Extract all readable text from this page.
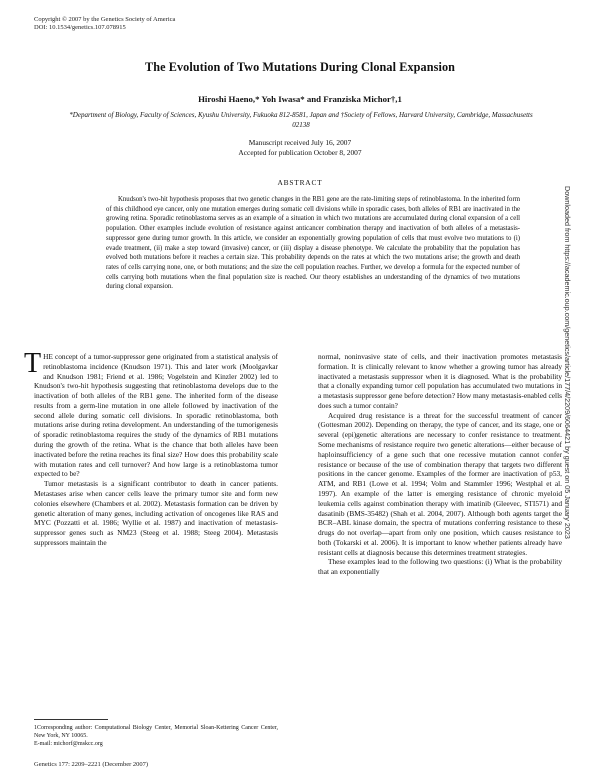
Copyright © 2007 by the Genetics Society of America
DOI: 10.1534/genetics.107.078915
The Evolution of Two Mutations During Clonal Expansion
Hiroshi Haeno,* Yoh Iwasa* and Franziska Michor†,1
*Department of Biology, Faculty of Sciences, Kyushu University, Fukuoka 812-8581, Japan and †Society of Fellows, Harvard University, Cambridge, Massachusetts 02138
Manuscript received July 16, 2007
Accepted for publication October 8, 2007
ABSTRACT
Knudson's two-hit hypothesis proposes that two genetic changes in the RB1 gene are the rate-limiting steps of retinoblastoma. In the inherited form of this childhood eye cancer, only one mutation emerges during somatic cell divisions while in sporadic cases, both alleles of RB1 are inactivated in the growing retina. Sporadic retinoblastoma serves as an example of a situation in which two mutations are accumulated during clonal expansion of a cell population. Other examples include evolution of resistance against anticancer combination therapy and inactivation of both alleles of a metastasis-suppressor gene during tumor growth. In this article, we consider an exponentially growing population of cells that must evolve two mutations to (i) evade treatment, (ii) make a step toward (invasive) cancer, or (iii) display a disease phenotype. We calculate the probability that the population has evolved both mutations before it reaches a certain size. This probability depends on the rates at which the two mutations arise; the growth and death rates of cells carrying none, one, or both mutations; and the size the cell population reaches. Further, we develop a formula for the expected number of cells carrying both mutations when the final population size is reached. Our theory establishes an understanding of the dynamics of two mutations during clonal expansion.

THE concept of a tumor-suppressor gene originated from a statistical analysis of retinoblastoma incidence (Knudson 1971). This and later work (Moolgavkar and Knudson 1981; Friend et al. 1986; Vogelstein and Kinzler 2002) led to Knudson's two-hit hypothesis suggesting that retinoblastoma develops due to the inactivation of both alleles of the RB1 gene. The inherited form of the disease results from a germ-line mutation in one allele followed by inactivation of the second allele during somatic cell divisions. In sporadic retinoblastoma, both mutations arise during retina development. An understanding of the tumorigenesis of sporadic retinoblastoma requires the study of the dynamics of RB1 mutations during the growth of the retina. What is the chance that both alleles have been inactivated before the retina reaches its final size? How does this probability scale with mutation rates and cell turnover? And how large is a retinoblastoma tumor expected to be?

Tumor metastasis is a significant contributor to death in cancer patients. Metastases arise when cancer cells leave the primary tumor site and form new colonies elsewhere (Chambers et al. 2002). Metastasis formation can be driven by genetic alteration of many genes, including activation of oncogenes like RAS and MYC (Pozzatti et al. 1986; Wyllie et al. 1987) and inactivation of metastasis-suppressor genes such as NM23 (Steeg et al. 1988; Steeg 2004). Metastasis suppressors maintain the

normal, noninvasive state of cells, and their inactivation promotes metastasis formation. It is clinically relevant to know whether a growing tumor has already inactivated a metastasis suppressor when it is diagnosed. What is the probability that a clonally expanding tumor cell population has accumulated two mutations in a metastasis suppressor gene before detection? How many metastasis-enabled cells does such a tumor contain?

Acquired drug resistance is a threat for the successful treatment of cancer (Gottesman 2002). Depending on therapy, the type of cancer, and its stage, one or several (epi)genetic alterations are necessary to confer resistance to treatment. Some mechanisms of resistance require two genetic alterations—either because of haploinsufficiency of a gene such that one recessive mutation cannot confer resistance or because of the use of combination therapy that targets two different positions in the cancer genome. Examples of the former are inactivation of p53, ATM, and RB1 (Lowe et al. 1994; Volm and Stammler 1996; Westphal et al. 1997). An example of the latter is emerging resistance of chronic myeloid leukemia cells against combination therapy with imatinib (Gleevec, STI571) and dasatinib (BMS-35482) (Shah et al. 2004, 2007). Although both agents target the BCR–ABL kinase domain, the spectra of mutations conferring resistance to these drugs do not overlap—apart from only one position, which causes resistance to both (Tokarski et al. 2006). It is important to know whether patients already have resistant cells at diagnosis because this determines treatment strategies.

These examples lead to the following two questions: (i) What is the probability that an exponentially

1Corresponding author: Computational Biology Center, Memorial Sloan-Kettering Cancer Center, New York, NY 10065.
E-mail: michorf@mskcc.org
Genetics 177: 2209–2221 (December 2007)
Downloaded from https://academic.oup.com/genetics/article/177/4/2209/6064421 by guest on 05 January 2023
